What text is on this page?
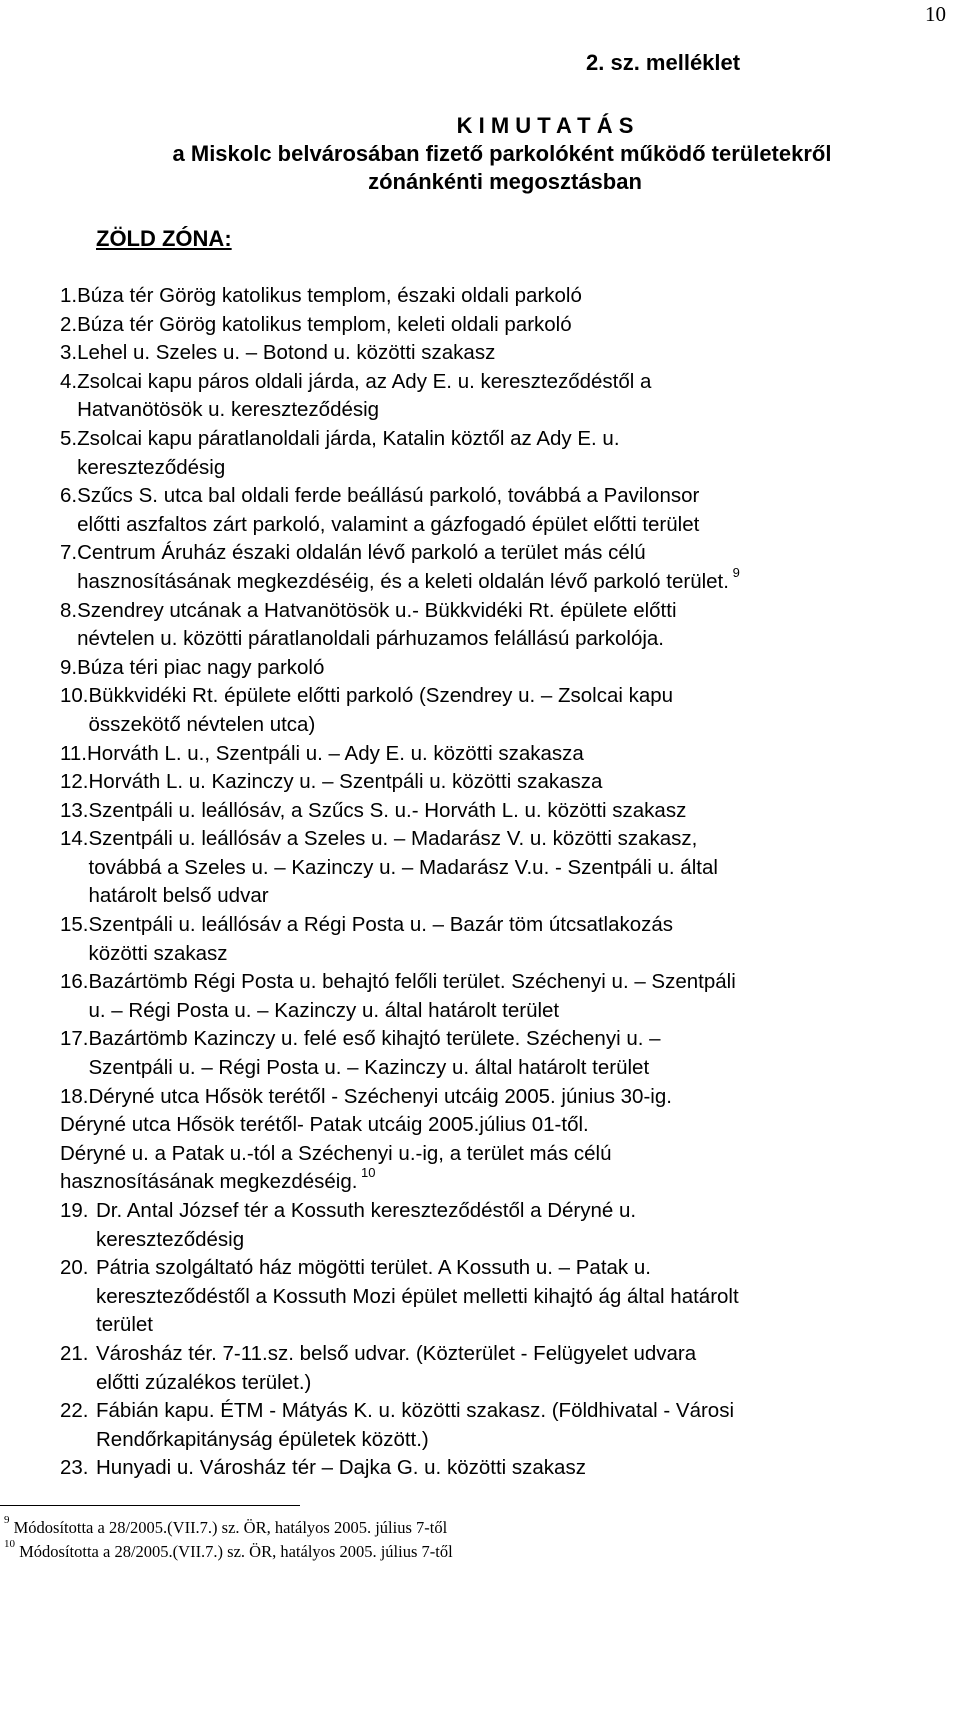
10
2. sz. melléklet
K I M U T A T Á S
a Miskolc belvárosában fizető parkolóként működő területekről
zónánkénti megosztásban
ZÖLD ZÓNA:
1. Búza tér Görög katolikus templom, északi oldali parkoló
2. Búza tér Görög katolikus templom, keleti oldali parkoló
3. Lehel u. Szeles u. – Botond u. közötti szakasz
4. Zsolcai kapu páros oldali járda, az Ady E. u. kereszteződéstől a
Hatvanötösök u. kereszteződésig
5. Zsolcai kapu páratlanoldali járda, Katalin köztől az Ady E. u.
kereszteződésig
6. Szűcs S. utca bal oldali ferde beállású parkoló, továbbá a Pavilonsor
előtti aszfaltos zárt parkoló, valamint a gázfogadó épület előtti terület
7. Centrum Áruház északi oldalán lévő parkoló a terület más célú
hasznosításának megkezdéséig, és a keleti oldalán lévő parkoló terület. $^9$
8. Szendrey utcának a Hatvanötösök u.- Bükkvidéki Rt. épülete előtti
névtelen u. közötti páratlanoldali párhuzamos felállású parkolója.
9. Búza téri piac nagy parkoló
10. Bükkvidéki Rt. épülete előtti parkoló (Szendrey u. – Zsolcai kapu
összekötő névtelen utca)
11. Horváth L. u., Szentpáli u. – Ady E. u. közötti szakasza
12. Horváth L. u. Kazinczy u. – Szentpáli u. közötti szakasza
13. Szentpáli u. leállósáv, a Szűcs S. u.- Horváth L. u. közötti szakasz
14. Szentpáli u. leállósáv a Szeles u. – Madarász V. u. közötti szakasz,
továbbá a Szeles u. – Kazinczy u. – Madarász V.u. - Szentpáli u. által
határolt belső udvar
15. Szentpáli u. leállósáv a Régi Posta u. – Bazár töm útcsatlakozás
közötti szakasz
16. Bazártömb Régi Posta u. behajtó felőli terület. Széchenyi u. – Szentpáli
u. – Régi Posta u. – Kazinczy u. által határolt terület
17. Bazártömb Kazinczy u. felé eső kihajtó területe. Széchenyi u. –
Szentpáli u. – Régi Posta u. – Kazinczy u. által határolt terület
18. Déryné utca Hősök terétől - Széchenyi utcáig 2005. június 30-ig.
Déryné utca Hősök terétől- Patak utcáig 2005.július 01-től.
Déryné u. a Patak u.-tól a Széchenyi u.-ig, a terület más célú
hasznosításának megkezdéséig. $^{10}$
19. Dr. Antal József tér a Kossuth kereszteződéstől a Déryné u.
kereszteződésig
20. Pátria szolgáltató ház mögötti terület. A Kossuth u. – Patak u.
kereszteződéstől a Kossuth Mozi épület melletti kihajtó ág által határolt
terület
21. Városház tér. 7-11.sz. belső udvar. (Közterület - Felügyelet udvara
előtti zúzalékos terület.)
22. Fábián kapu. ÉTM - Mátyás K. u. közötti szakasz. (Földhivatal - Városi
Rendőrkapitányság épületek között.)
23. Hunyadi u. Városház tér – Dajka G. u. közötti szakasz
$^9$ Módosította a 28/2005.(VII.7.) sz. ÖR, hatályos 2005. július 7-től
$^{10}$ Módosította a 28/2005.(VII.7.) sz. ÖR, hatályos 2005. július 7-től
